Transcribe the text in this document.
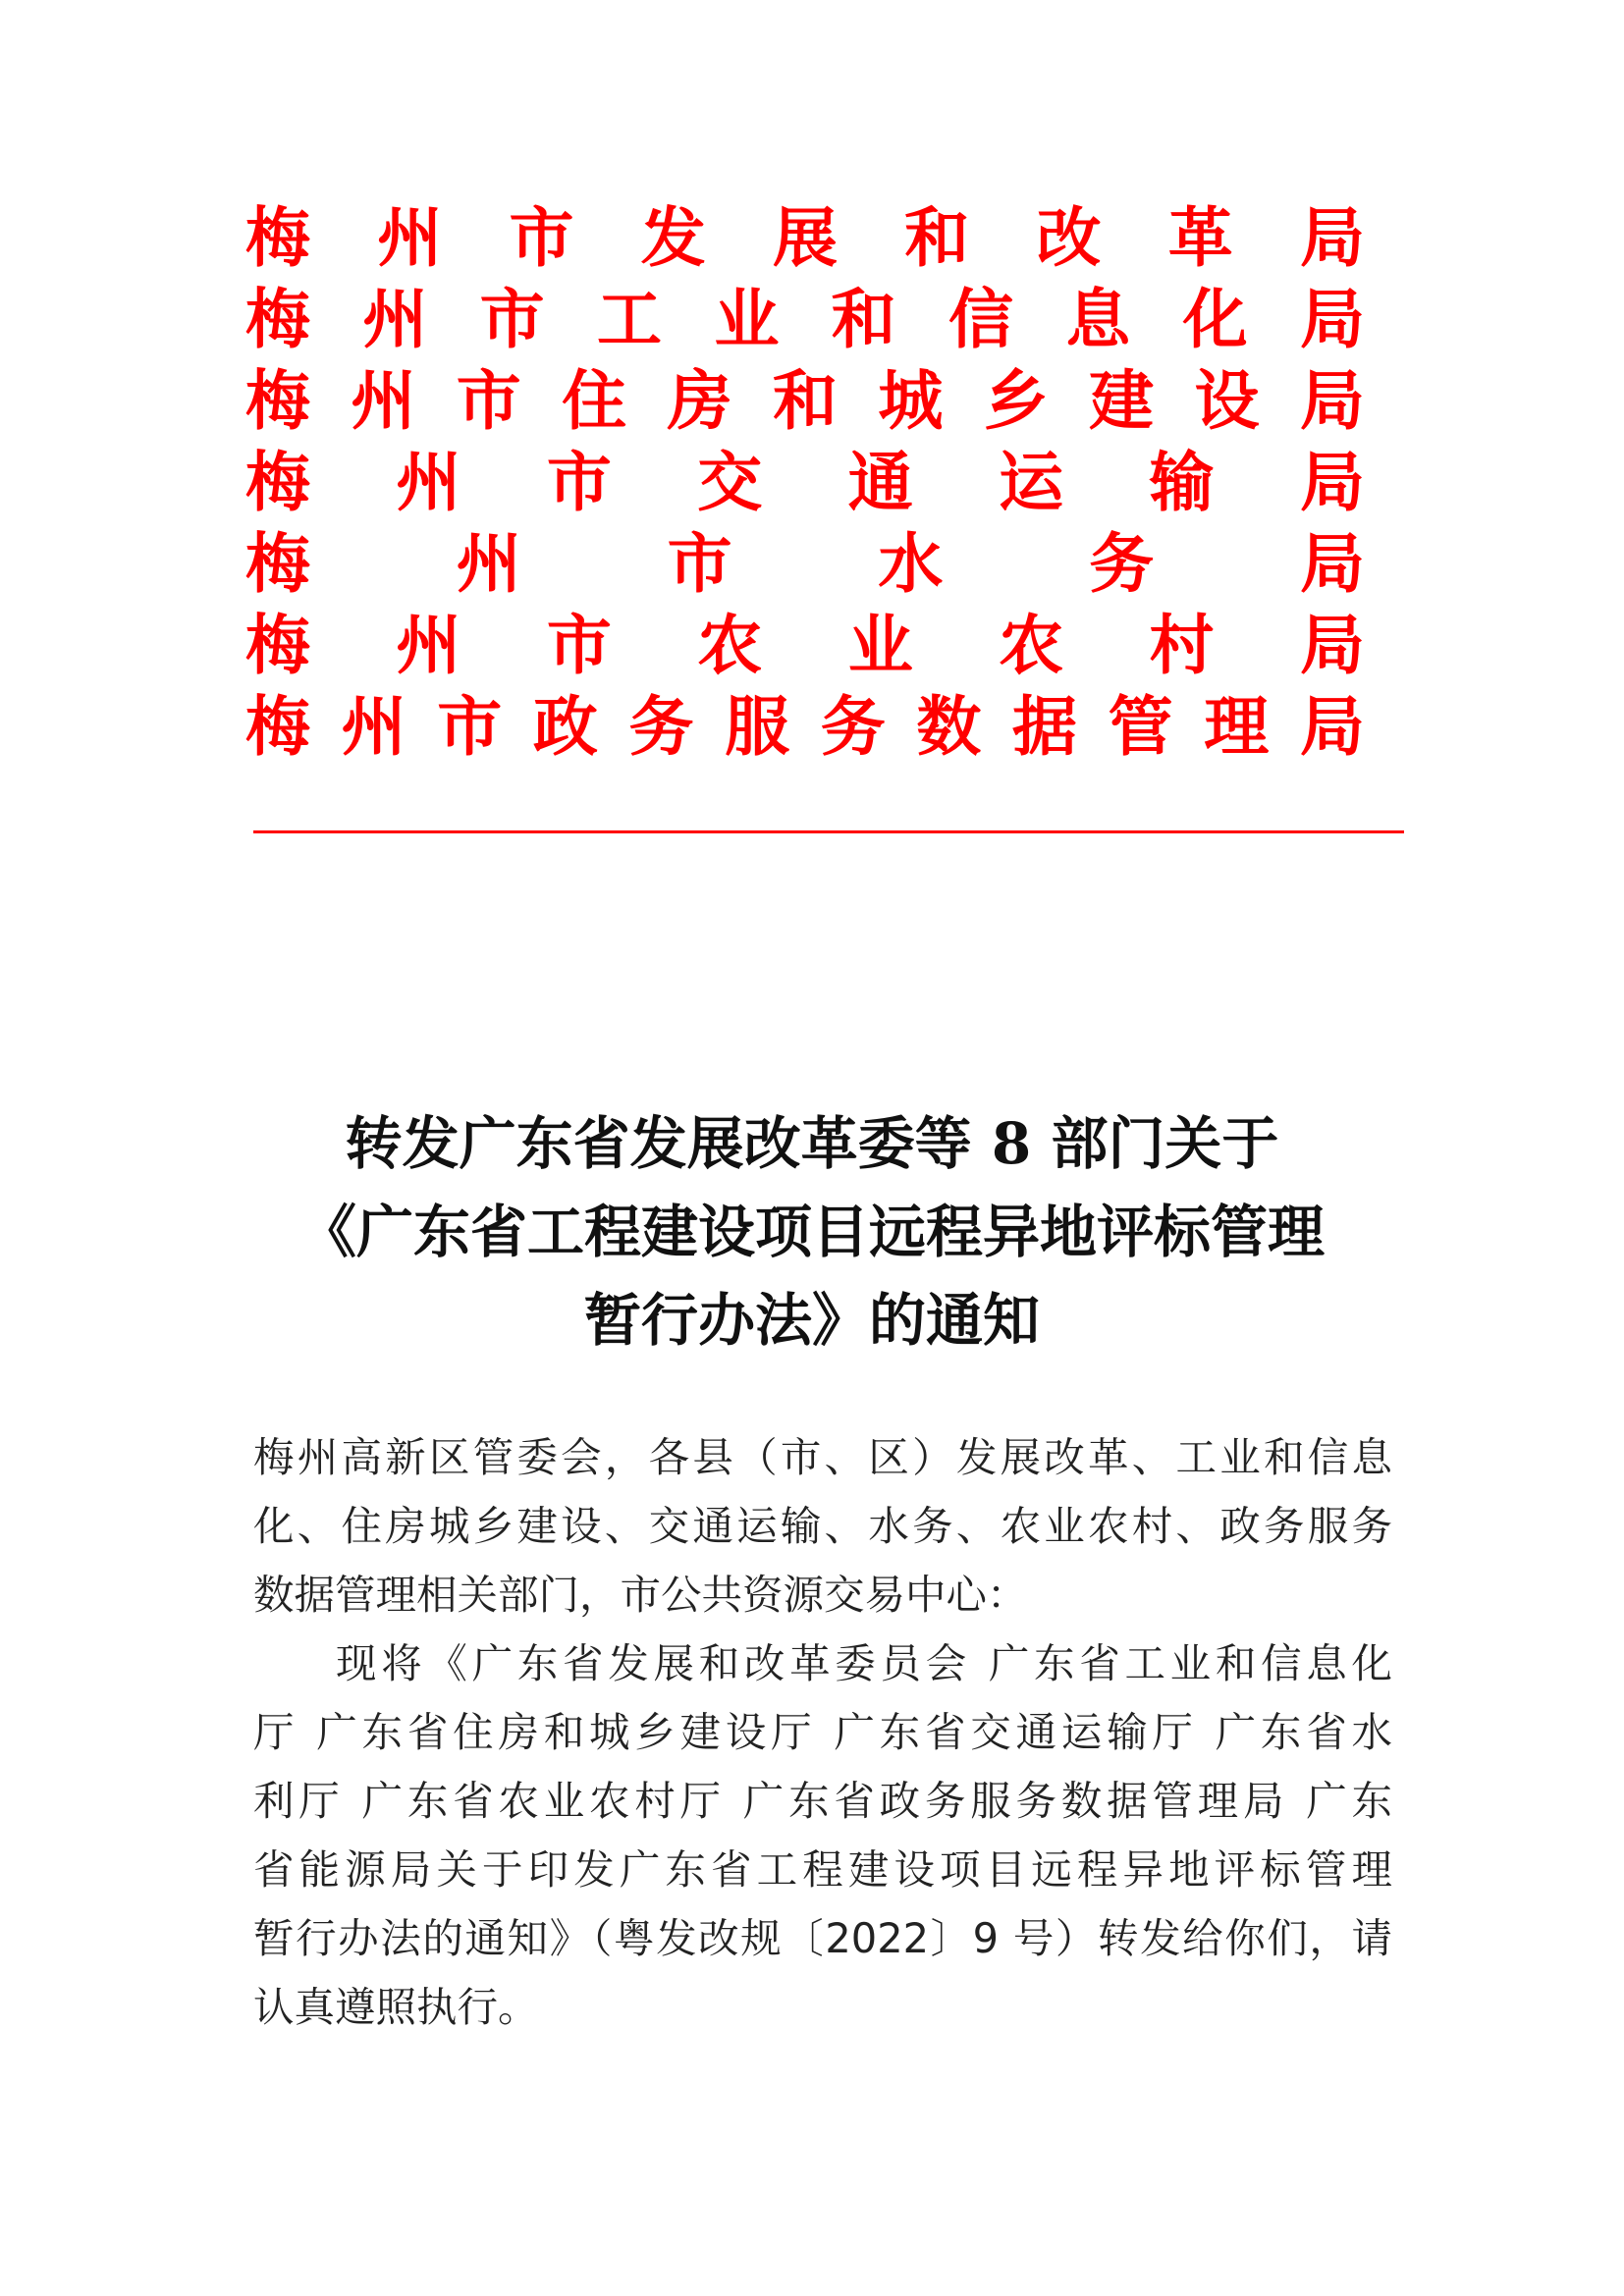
梅 州 市 发 展 和 改 革 局
梅 州 市 工 业 和 信 息 化 局
梅 州 市 住 房 和 城 乡 建 设 局
梅 州 市 交 通 运 输 局
梅 州 市 水 务 局
梅 州 市 农 业 农 村 局
梅 州 市 政 务 服 务 数 据 管 理 局
转发广东省发展改革委等 8 部门关于
《广东省工程建设项目远程异地评标管理
暂行办法》的通知
梅州高新区管委会，各县（市、区）发展改革、工业和信息
化、住房城乡建设、交通运输、水务、农业农村、政务服务
数据管理相关部门，市公共资源交易中心：
现将《广东省发展和改革委员会 广东省工业和信息化
厅 广东省住房和城乡建设厅 广东省交通运输厅 广东省水
利厅 广东省农业农村厅 广东省政务服务数据管理局 广东
省能源局关于印发广东省工程建设项目远程异地评标管理
暂行办法的通知》（粤发改规〔2022〕9 号）转发给你们，请
认真遵照执行。
